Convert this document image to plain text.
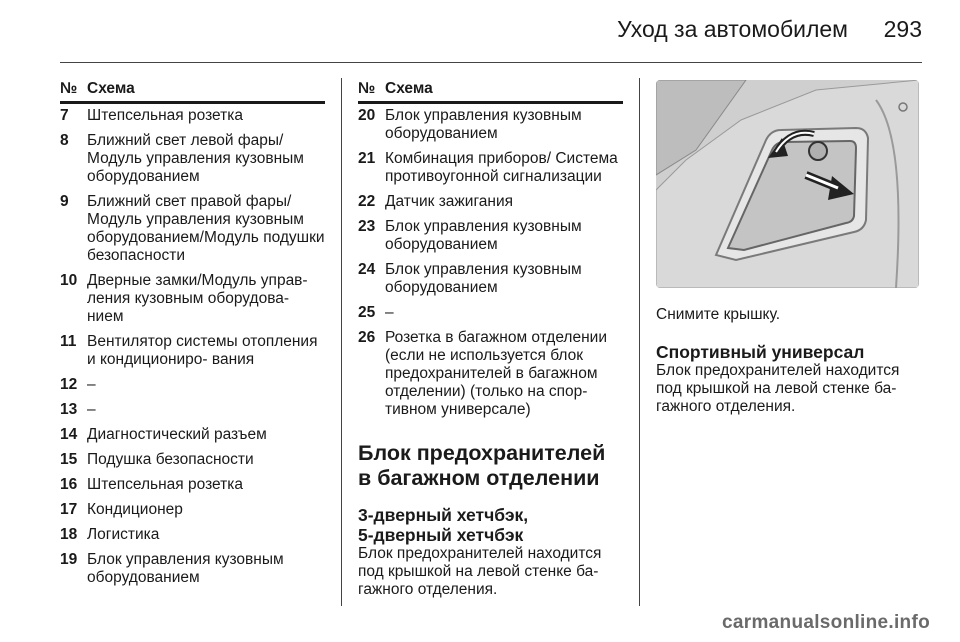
Уход за автомобилем 293
№ Схема
7	Штепсельная розетка
8	Ближний свет левой фары/ Модуль управления кузовным оборудованием
9	Ближний свет правой фары/ Модуль управления кузовным оборудованием/Модуль подушки безопасности
10 Дверные замки/Модуль управ- ления кузовным оборудова- нием
11 Вентилятор системы отопления и кондициониро- вания
12 –
13 –
14 Диагностический разъем
15 Подушка безопасности
16 Штепсельная розетка
17 Кондиционер
18 Логистика
19 Блок управления кузовным оборудованием
№ Схема
20 Блок управления кузовным оборудованием
21 Комбинация приборов/ Система противоугонной сигнализации
22 Датчик зажигания
23 Блок управления кузовным оборудованием
24 Блок управления кузовным оборудованием
25 –
26 Розетка в багажном отделении (если не используется блок предохранителей в багажном отделении) (только на спор- тивном универсале)
Блок предохранителей в багажном отделении
3-дверный хетчбэк,
5-дверный хетчбэк

Блок предохранителей находится под крышкой на левой стенке ба- гажного отделения.

Снимите крышку.

Спортивный универсал

Блок предохранителей находится под крышкой на левой стенке ба- гажного отделения.

carmanualsonline.info
